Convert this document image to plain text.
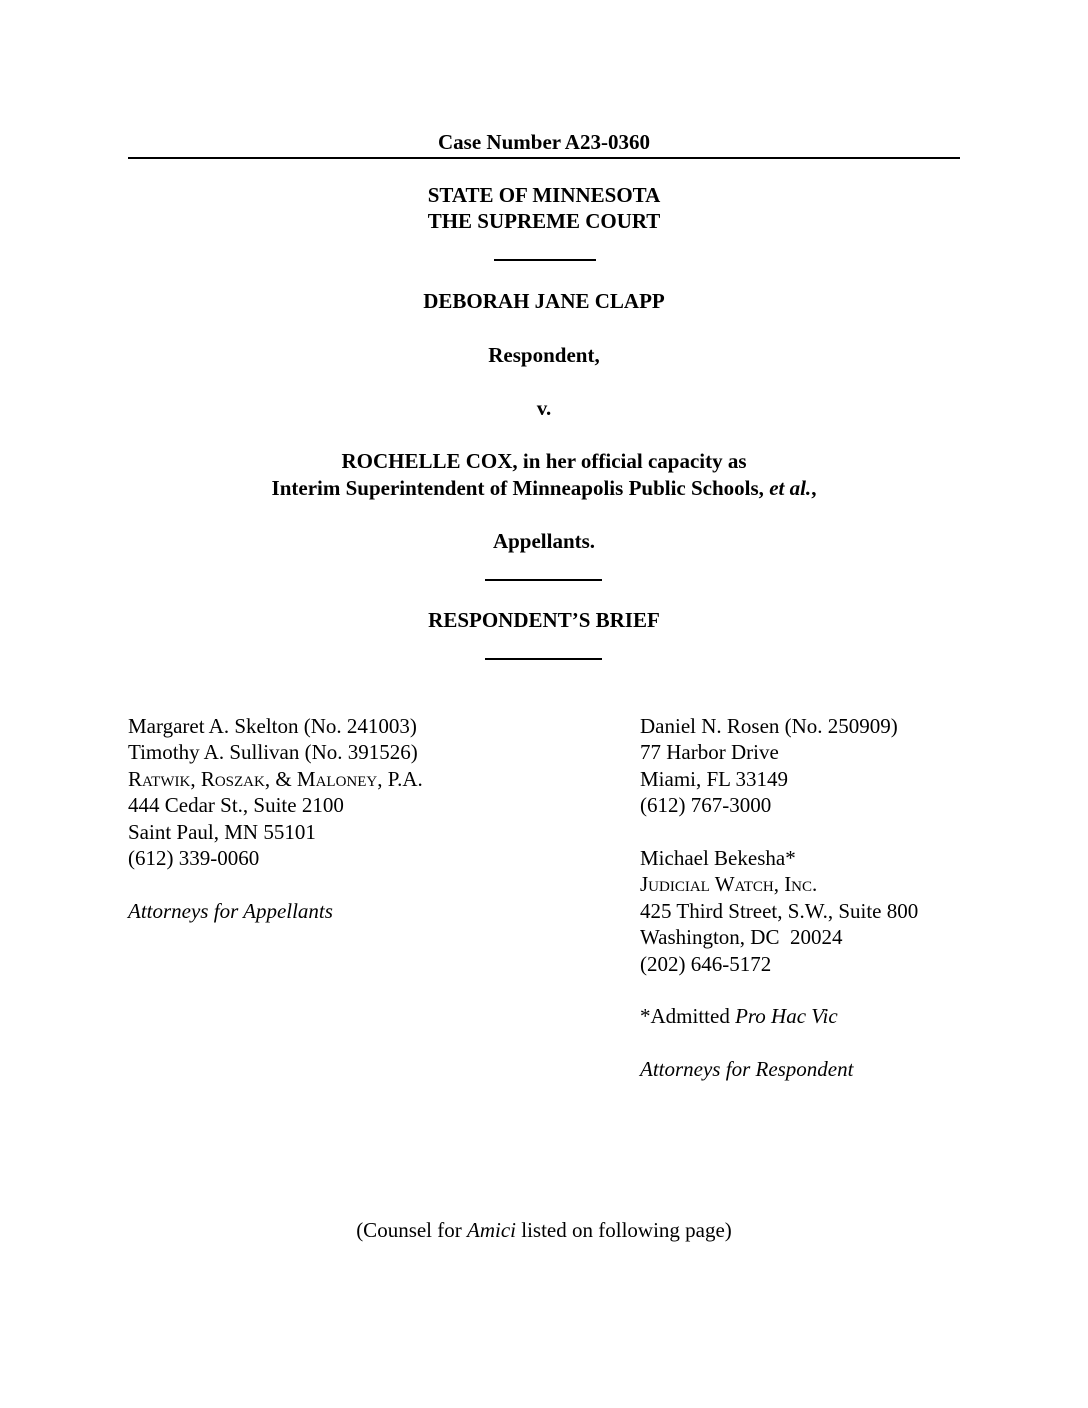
Case Number A23-0360
STATE OF MINNESOTA
THE SUPREME COURT
DEBORAH JANE CLAPP
Respondent,
v.
ROCHELLE COX, in her official capacity as
Interim Superintendent of Minneapolis Public Schools, et al.,
Appellants.
RESPONDENT’S BRIEF
Margaret A. Skelton (No. 241003)
Timothy A. Sullivan (No. 391526)
Ratwik, Roszak, & Maloney, P.A.
444 Cedar St., Suite 2100
Saint Paul, MN 55101
(612) 339-0060
Attorneys for Appellants
Daniel N. Rosen (No. 250909)
77 Harbor Drive
Miami, FL 33149
(612) 767-3000
Michael Bekesha*
Judicial Watch, Inc.
425 Third Street, S.W., Suite 800
Washington, DC  20024
(202) 646-5172
*Admitted Pro Hac Vic
Attorneys for Respondent
(Counsel for Amici listed on following page)
